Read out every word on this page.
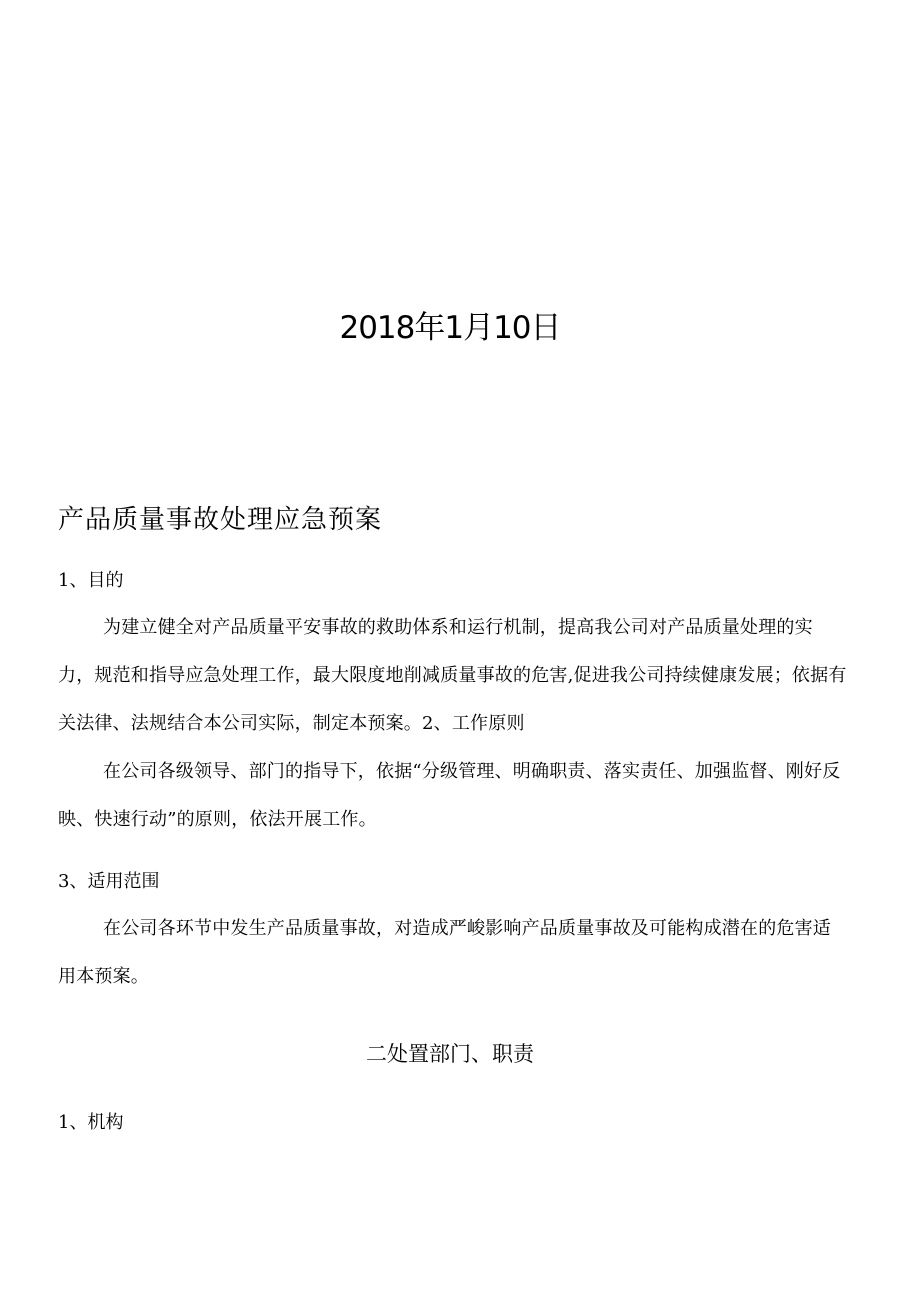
2018年1月10日
产品质量事故处理应急预案
1、目的
为建立健全对产品质量平安事故的救助体系和运行机制，提高我公司对产品质量处理的实力，规范和指导应急处理工作，最大限度地削减质量事故的危害,促进我公司持续健康发展；依据有关法律、法规结合本公司实际，制定本预案。2、工作原则
在公司各级领导、部门的指导下，依据“分级管理、明确职责、落实责任、加强监督、刚好反映、快速行动”的原则，依法开展工作。
3、适用范围
在公司各环节中发生产品质量事故，对造成严峻影响产品质量事故及可能构成潜在的危害适用本预案。
二处置部门、职责
1、机构
